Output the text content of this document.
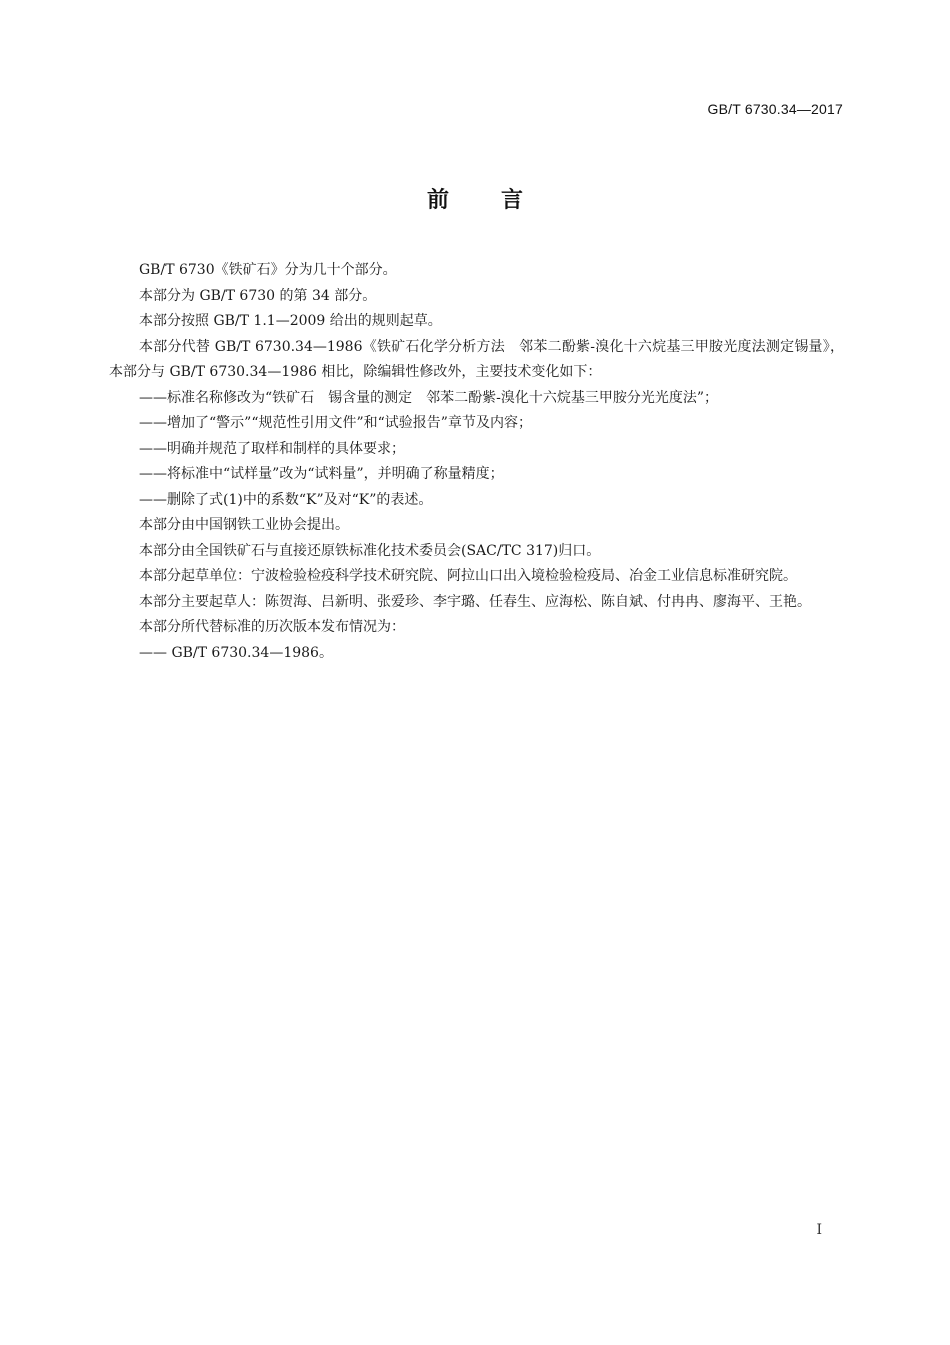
GB/T 6730.34—2017
前言

GB/T 6730《铁矿石》分为几十个部分。

本部分为 GB/T 6730 的第 34 部分。

本部分按照 GB/T 1.1—2009 给出的规则起草。

本部分代替 GB/T 6730.34—1986《铁矿石化学分析方法　邻苯二酚紫-溴化十六烷基三甲胺光度法测定锡量》，本部分与 GB/T 6730.34—1986 相比，除编辑性修改外，主要技术变化如下：

——标准名称修改为“铁矿石　锡含量的测定　邻苯二酚紫-溴化十六烷基三甲胺分光光度法”；

——增加了“警示”“规范性引用文件”和“试验报告”章节及内容；

——明确并规范了取样和制样的具体要求；

——将标准中“试样量”改为“试料量”，并明确了称量精度；

——删除了式(1)中的系数“K”及对“K”的表述。

本部分由中国钢铁工业协会提出。

本部分由全国铁矿石与直接还原铁标准化技术委员会(SAC/TC 317)归口。

本部分起草单位：宁波检验检疫科学技术研究院、阿拉山口出入境检验检疫局、冶金工业信息标准研究院。

本部分主要起草人：陈贺海、吕新明、张爱珍、李宇璐、任春生、应海松、陈自斌、付冉冉、廖海平、王艳。

本部分所代替标准的历次版本发布情况为：

—— GB/T 6730.34—1986。

I
